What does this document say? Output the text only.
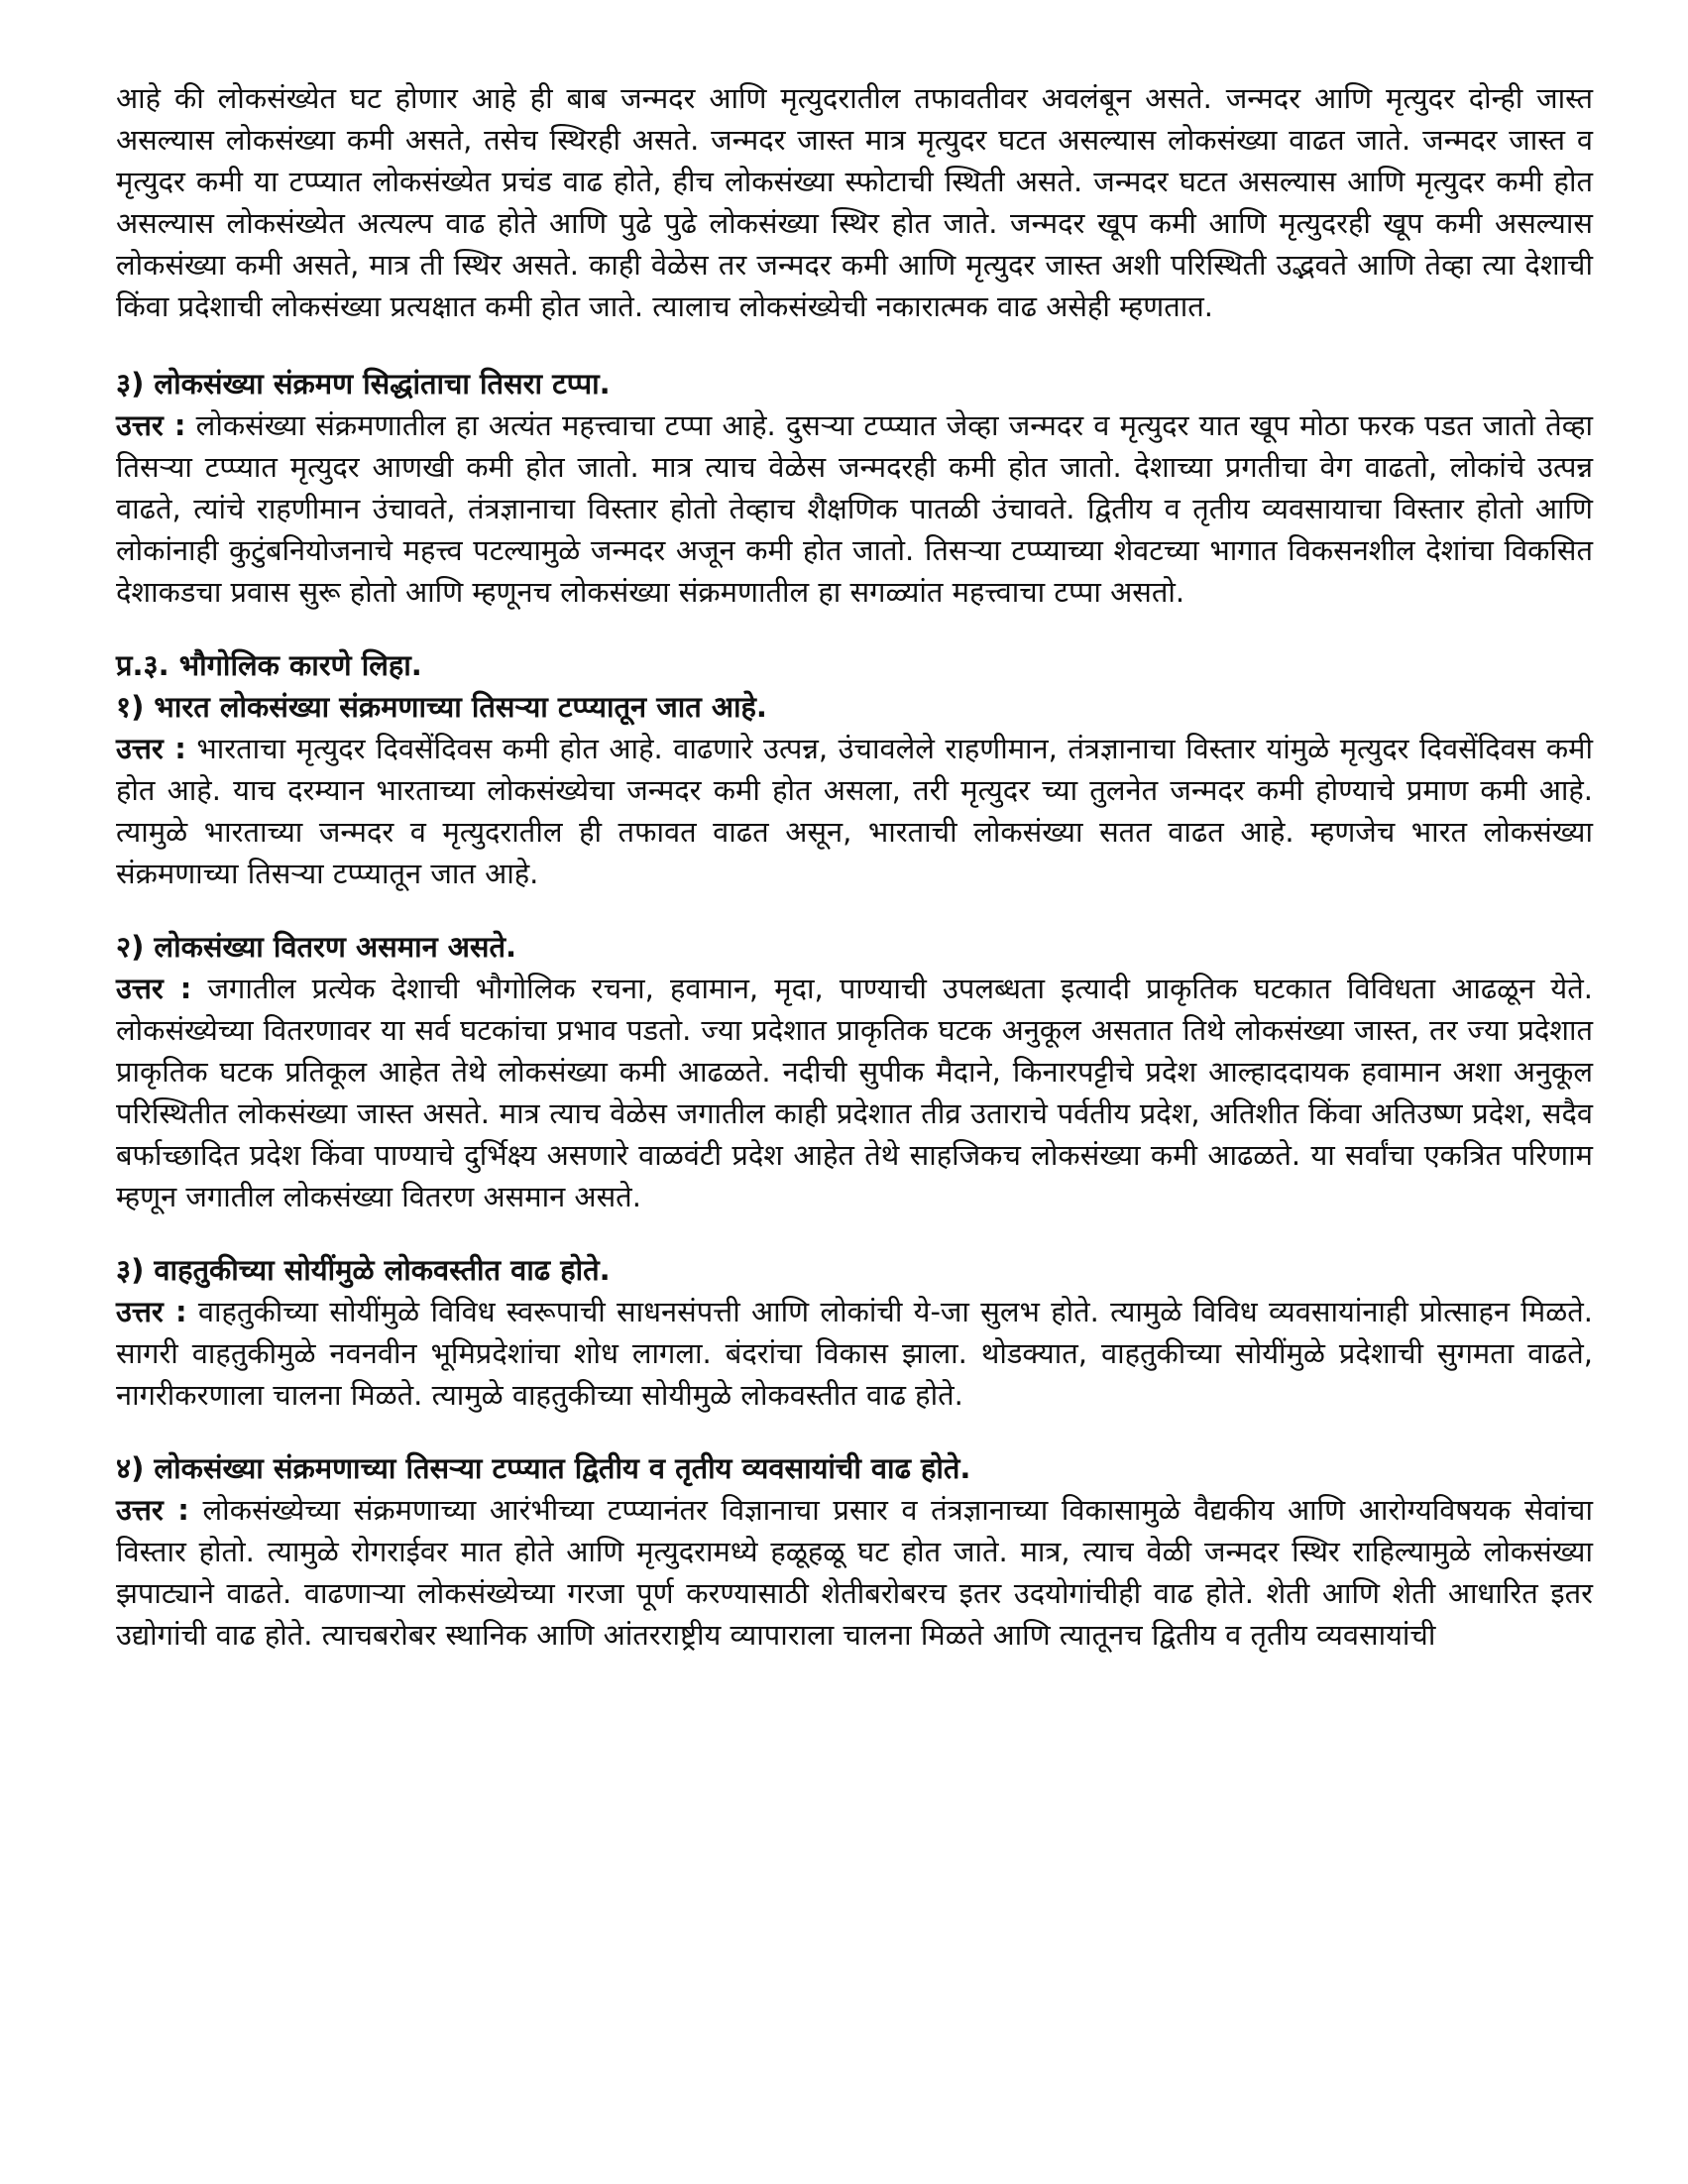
आहे की लोकसंख्येत घट होणार आहे ही बाब जन्मदर आणि मृत्युदरातील तफावतीवर अवलंबून असते. जन्मदर आणि मृत्युदर दोन्ही जास्त असल्यास लोकसंख्या कमी असते, तसेच स्थिरही असते. जन्मदर जास्त मात्र मृत्युदर घटत असल्यास लोकसंख्या वाढत जाते. जन्मदर जास्त व मृत्युदर कमी या टप्प्यात लोकसंख्येत प्रचंड वाढ होते, हीच लोकसंख्या स्फोटाची स्थिती असते. जन्मदर घटत असल्यास आणि मृत्युदर कमी होत असल्यास लोकसंख्येत अत्यल्प वाढ होते आणि पुढे पुढे लोकसंख्या स्थिर होत जाते. जन्मदर खूप कमी आणि मृत्युदरही खूप कमी असल्यास लोकसंख्या कमी असते, मात्र ती स्थिर असते. काही वेळेस तर जन्मदर कमी आणि मृत्युदर जास्त अशी परिस्थिती उद्भवते आणि तेव्हा त्या देशाची किंवा प्रदेशाची लोकसंख्या प्रत्यक्षात कमी होत जाते. त्यालाच लोकसंख्येची नकारात्मक वाढ असेही म्हणतात.

३) लोकसंख्या संक्रमण सिद्धांताचा तिसरा टप्पा.

उत्तर : लोकसंख्या संक्रमणातील हा अत्यंत महत्त्वाचा टप्पा आहे. दुसऱ्या टप्प्यात जेव्हा जन्मदर व मृत्युदर यात खूप मोठा फरक पडत जातो तेव्हा तिसऱ्या टप्प्यात मृत्युदर आणखी कमी होत जातो. मात्र त्याच वेळेस जन्मदरही कमी होत जातो. देशाच्या प्रगतीचा वेग वाढतो, लोकांचे उत्पन्न वाढते, त्यांचे राहणीमान उंचावते, तंत्रज्ञानाचा विस्तार होतो तेव्हाच शैक्षणिक पातळी उंचावते. द्वितीय व तृतीय व्यवसायाचा विस्तार होतो आणि लोकांनाही कुटुंबनियोजनाचे महत्त्व पटल्यामुळे जन्मदर अजून कमी होत जातो. तिसऱ्या टप्प्याच्या शेवटच्या भागात विकसनशील देशांचा विकसित देशाकडचा प्रवास सुरू होतो आणि म्हणूनच लोकसंख्या संक्रमणातील हा सगळ्यांत महत्त्वाचा टप्पा असतो.

प्र.३. भौगोलिक कारणे लिहा.
१) भारत लोकसंख्या संक्रमणाच्या तिसऱ्या टप्प्यातून जात आहे.

उत्तर : भारताचा मृत्युदर दिवसेंदिवस कमी होत आहे. वाढणारे उत्पन्न, उंचावलेले राहणीमान, तंत्रज्ञानाचा विस्तार यांमुळे मृत्युदर दिवसेंदिवस कमी होत आहे. याच दरम्यान भारताच्या लोकसंख्येचा जन्मदर कमी होत असला, तरी मृत्युदर च्या तुलनेत जन्मदर कमी होण्याचे प्रमाण कमी आहे. त्यामुळे भारताच्या जन्मदर व मृत्युदरातील ही तफावत वाढत असून, भारताची लोकसंख्या सतत वाढत आहे. म्हणजेच भारत लोकसंख्या संक्रमणाच्या तिसऱ्या टप्प्यातून जात आहे.

२) लोकसंख्या वितरण असमान असते.

उत्तर : जगातील प्रत्येक देशाची भौगोलिक रचना, हवामान, मृदा, पाण्याची उपलब्धता इत्यादी प्राकृतिक घटकात विविधता आढळून येते. लोकसंख्येच्या वितरणावर या सर्व घटकांचा प्रभाव पडतो. ज्या प्रदेशात प्राकृतिक घटक अनुकूल असतात तिथे लोकसंख्या जास्त, तर ज्या प्रदेशात प्राकृतिक घटक प्रतिकूल आहेत तेथे लोकसंख्या कमी आढळते. नदीची सुपीक मैदाने, किनारपट्टीचे प्रदेश आल्हाददायक हवामान अशा अनुकूल परिस्थितीत लोकसंख्या जास्त असते. मात्र त्याच वेळेस जगातील काही प्रदेशात तीव्र उताराचे पर्वतीय प्रदेश, अतिशीत किंवा अतिउष्ण प्रदेश, सदैव बर्फाच्छादित प्रदेश किंवा पाण्याचे दुर्भिक्ष्य असणारे वाळवंटी प्रदेश आहेत तेथे साहजिकच लोकसंख्या कमी आढळते. या सर्वांचा एकत्रित परिणाम म्हणून जगातील लोकसंख्या वितरण असमान असते.

३) वाहतुकीच्या सोयींमुळे लोकवस्तीत वाढ होते.

उत्तर : वाहतुकीच्या सोयींमुळे विविध स्वरूपाची साधनसंपत्ती आणि लोकांची ये-जा सुलभ होते. त्यामुळे विविध व्यवसायांनाही प्रोत्साहन मिळते. सागरी वाहतुकीमुळे नवनवीन भूमिप्रदेशांचा शोध लागला. बंदरांचा विकास झाला. थोडक्यात, वाहतुकीच्या सोयींमुळे प्रदेशाची सुगमता वाढते, नागरीकरणाला चालना मिळते. त्यामुळे वाहतुकीच्या सोयीमुळे लोकवस्तीत वाढ होते.

४) लोकसंख्या संक्रमणाच्या तिसऱ्या टप्प्यात द्वितीय व तृतीय व्यवसायांची वाढ होते.

उत्तर : लोकसंख्येच्या संक्रमणाच्या आरंभीच्या टप्प्यानंतर विज्ञानाचा प्रसार व तंत्रज्ञानाच्या विकासामुळे वैद्यकीय आणि आरोग्यविषयक सेवांचा विस्तार होतो. त्यामुळे रोगराईवर मात होते आणि मृत्युदरामध्ये हळूहळू घट होत जाते. मात्र, त्याच वेळी जन्मदर स्थिर राहिल्यामुळे लोकसंख्या झपाट्याने वाढते. वाढणाऱ्या लोकसंख्येच्या गरजा पूर्ण करण्यासाठी शेतीबरोबरच इतर उदयोगांचीही वाढ होते. शेती आणि शेती आधारित इतर उद्योगांची वाढ होते. त्याचबरोबर स्थानिक आणि आंतरराष्ट्रीय व्यापाराला चालना मिळते आणि त्यातूनच द्वितीय व तृतीय व्यवसायांची
